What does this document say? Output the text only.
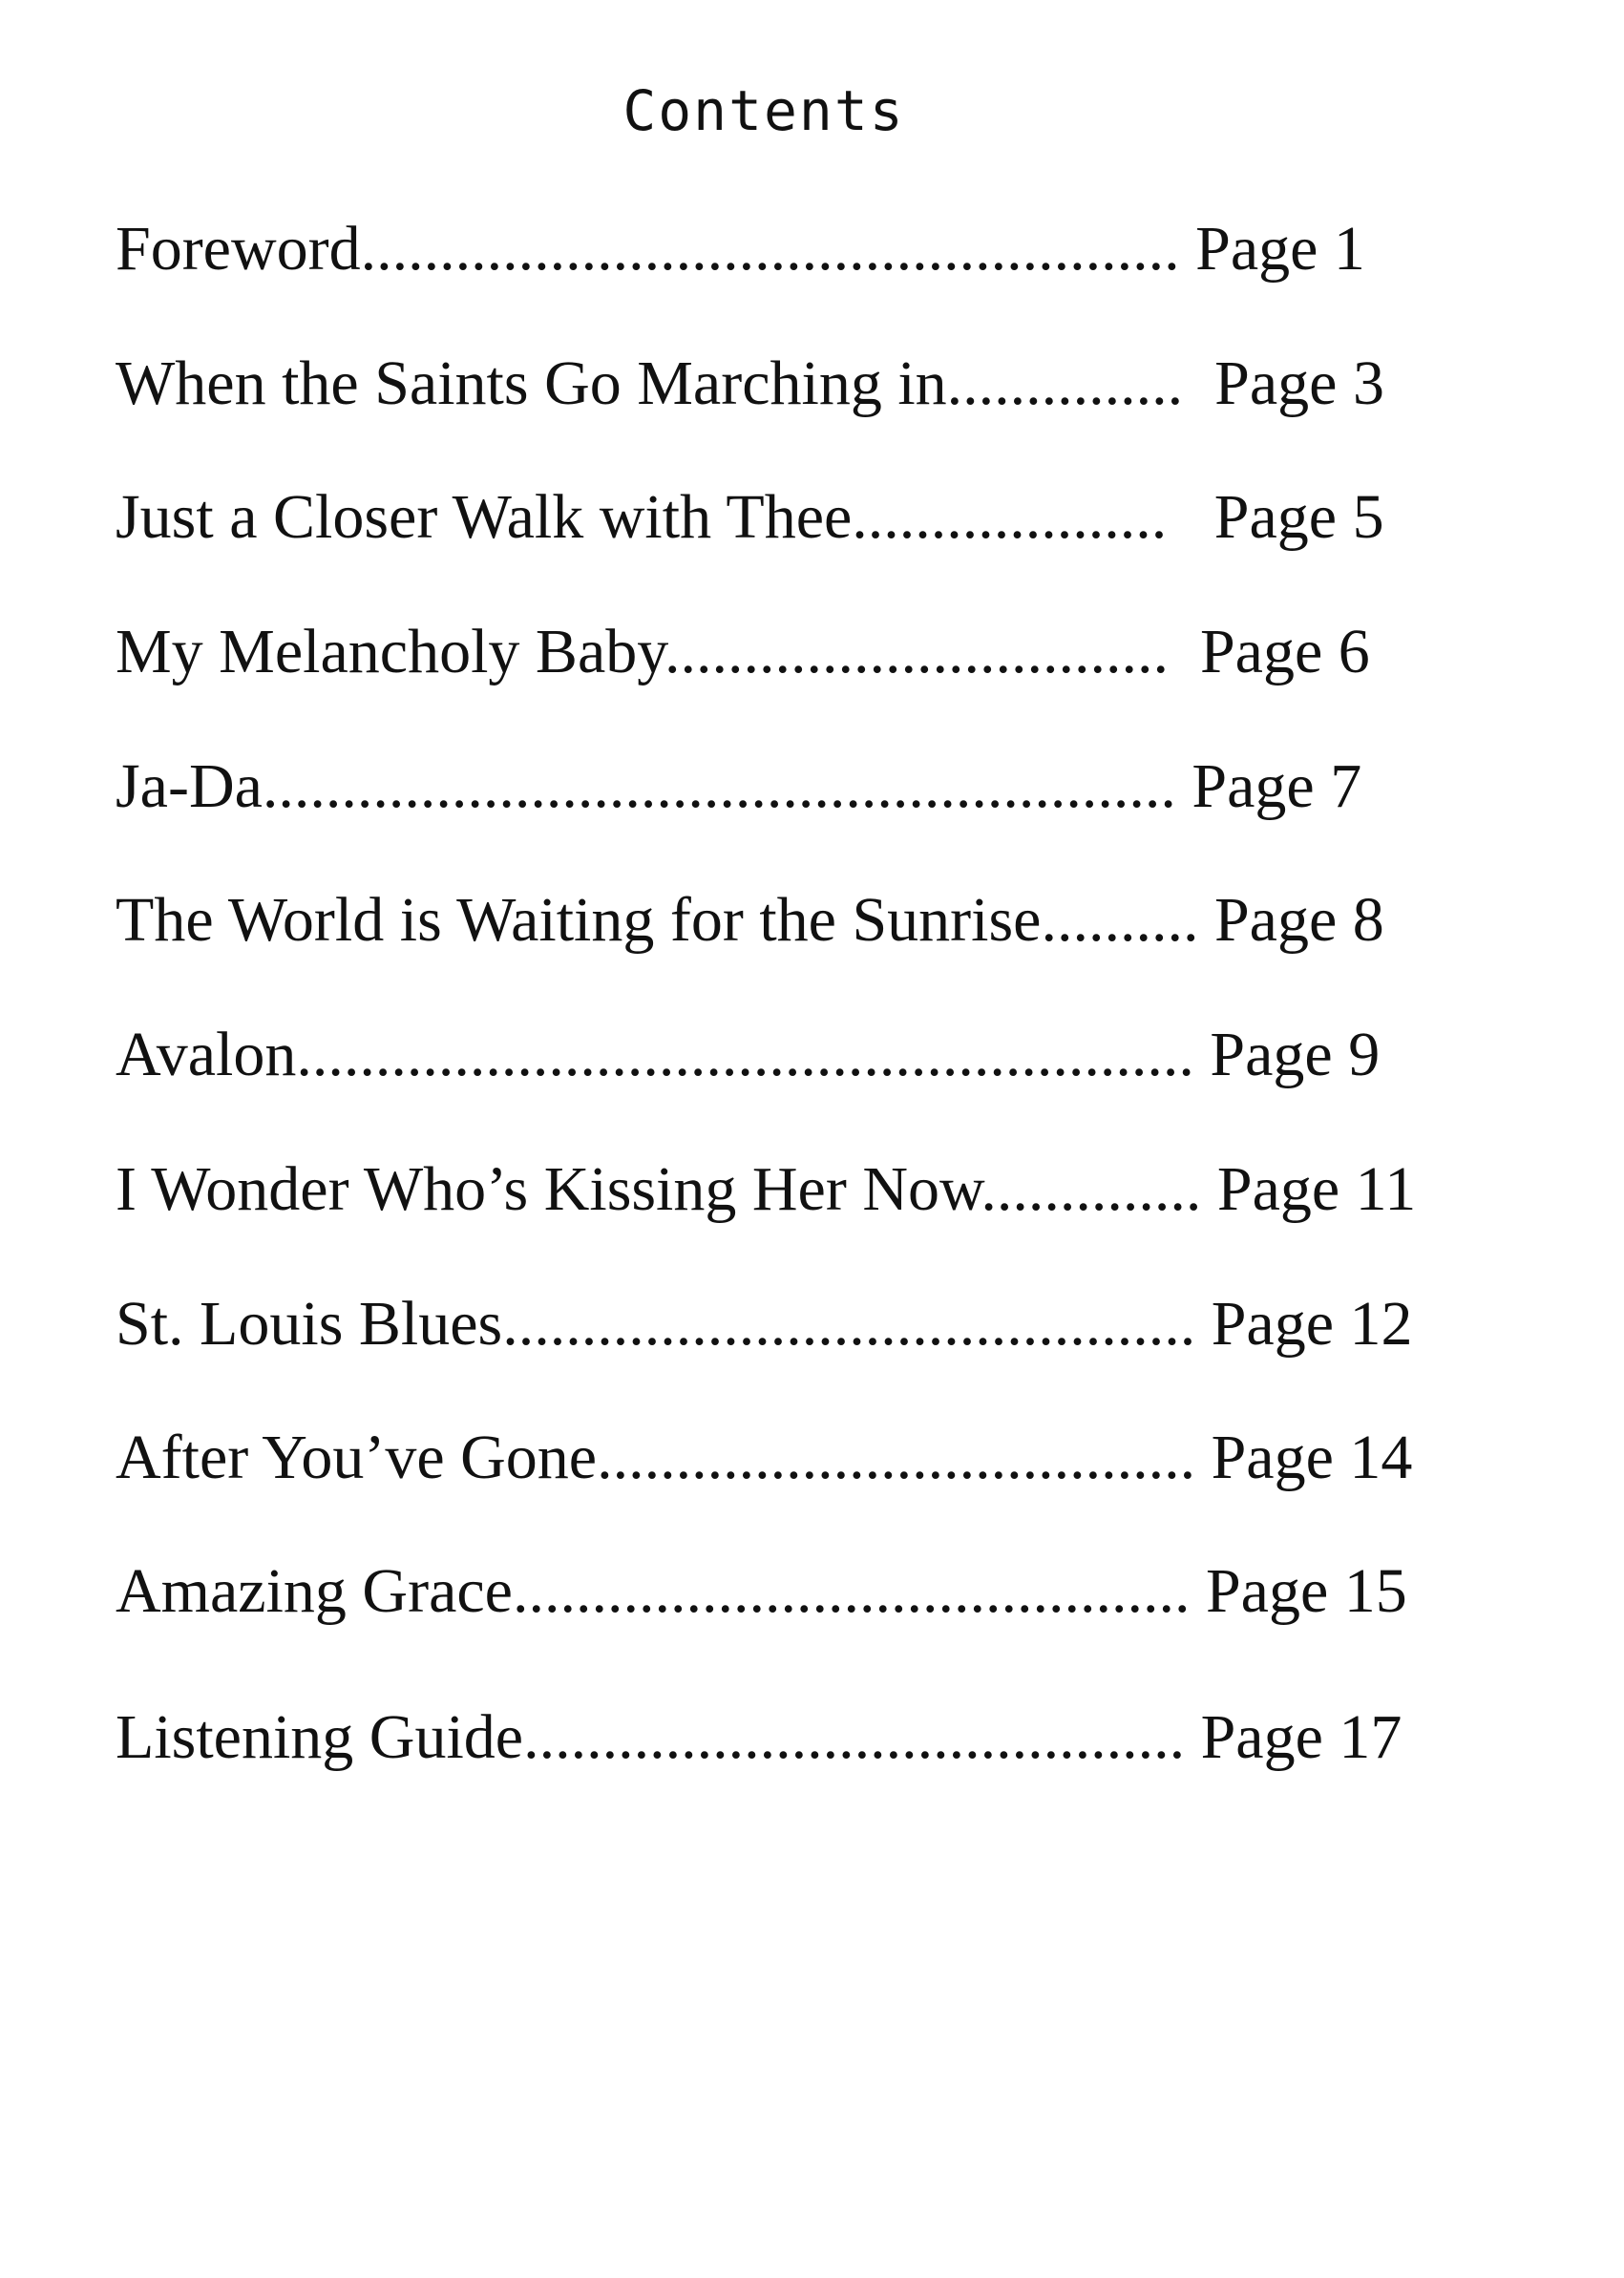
Contents
Foreword.................................................... Page 1
When the Saints Go Marching in...............  Page 3
Just a Closer Walk with Thee....................   Page 5
My Melancholy Baby................................  Page 6
Ja-Da.......................................................... Page 7
The World is Waiting for the Sunrise.......... Page 8
Avalon......................................................... Page 9
I Wonder Who’s Kissing Her Now.............. Page 11
St. Louis Blues............................................ Page 12
After You’ve Gone...................................... Page 14
Amazing Grace........................................... Page 15
Listening Guide.......................................... Page 17
